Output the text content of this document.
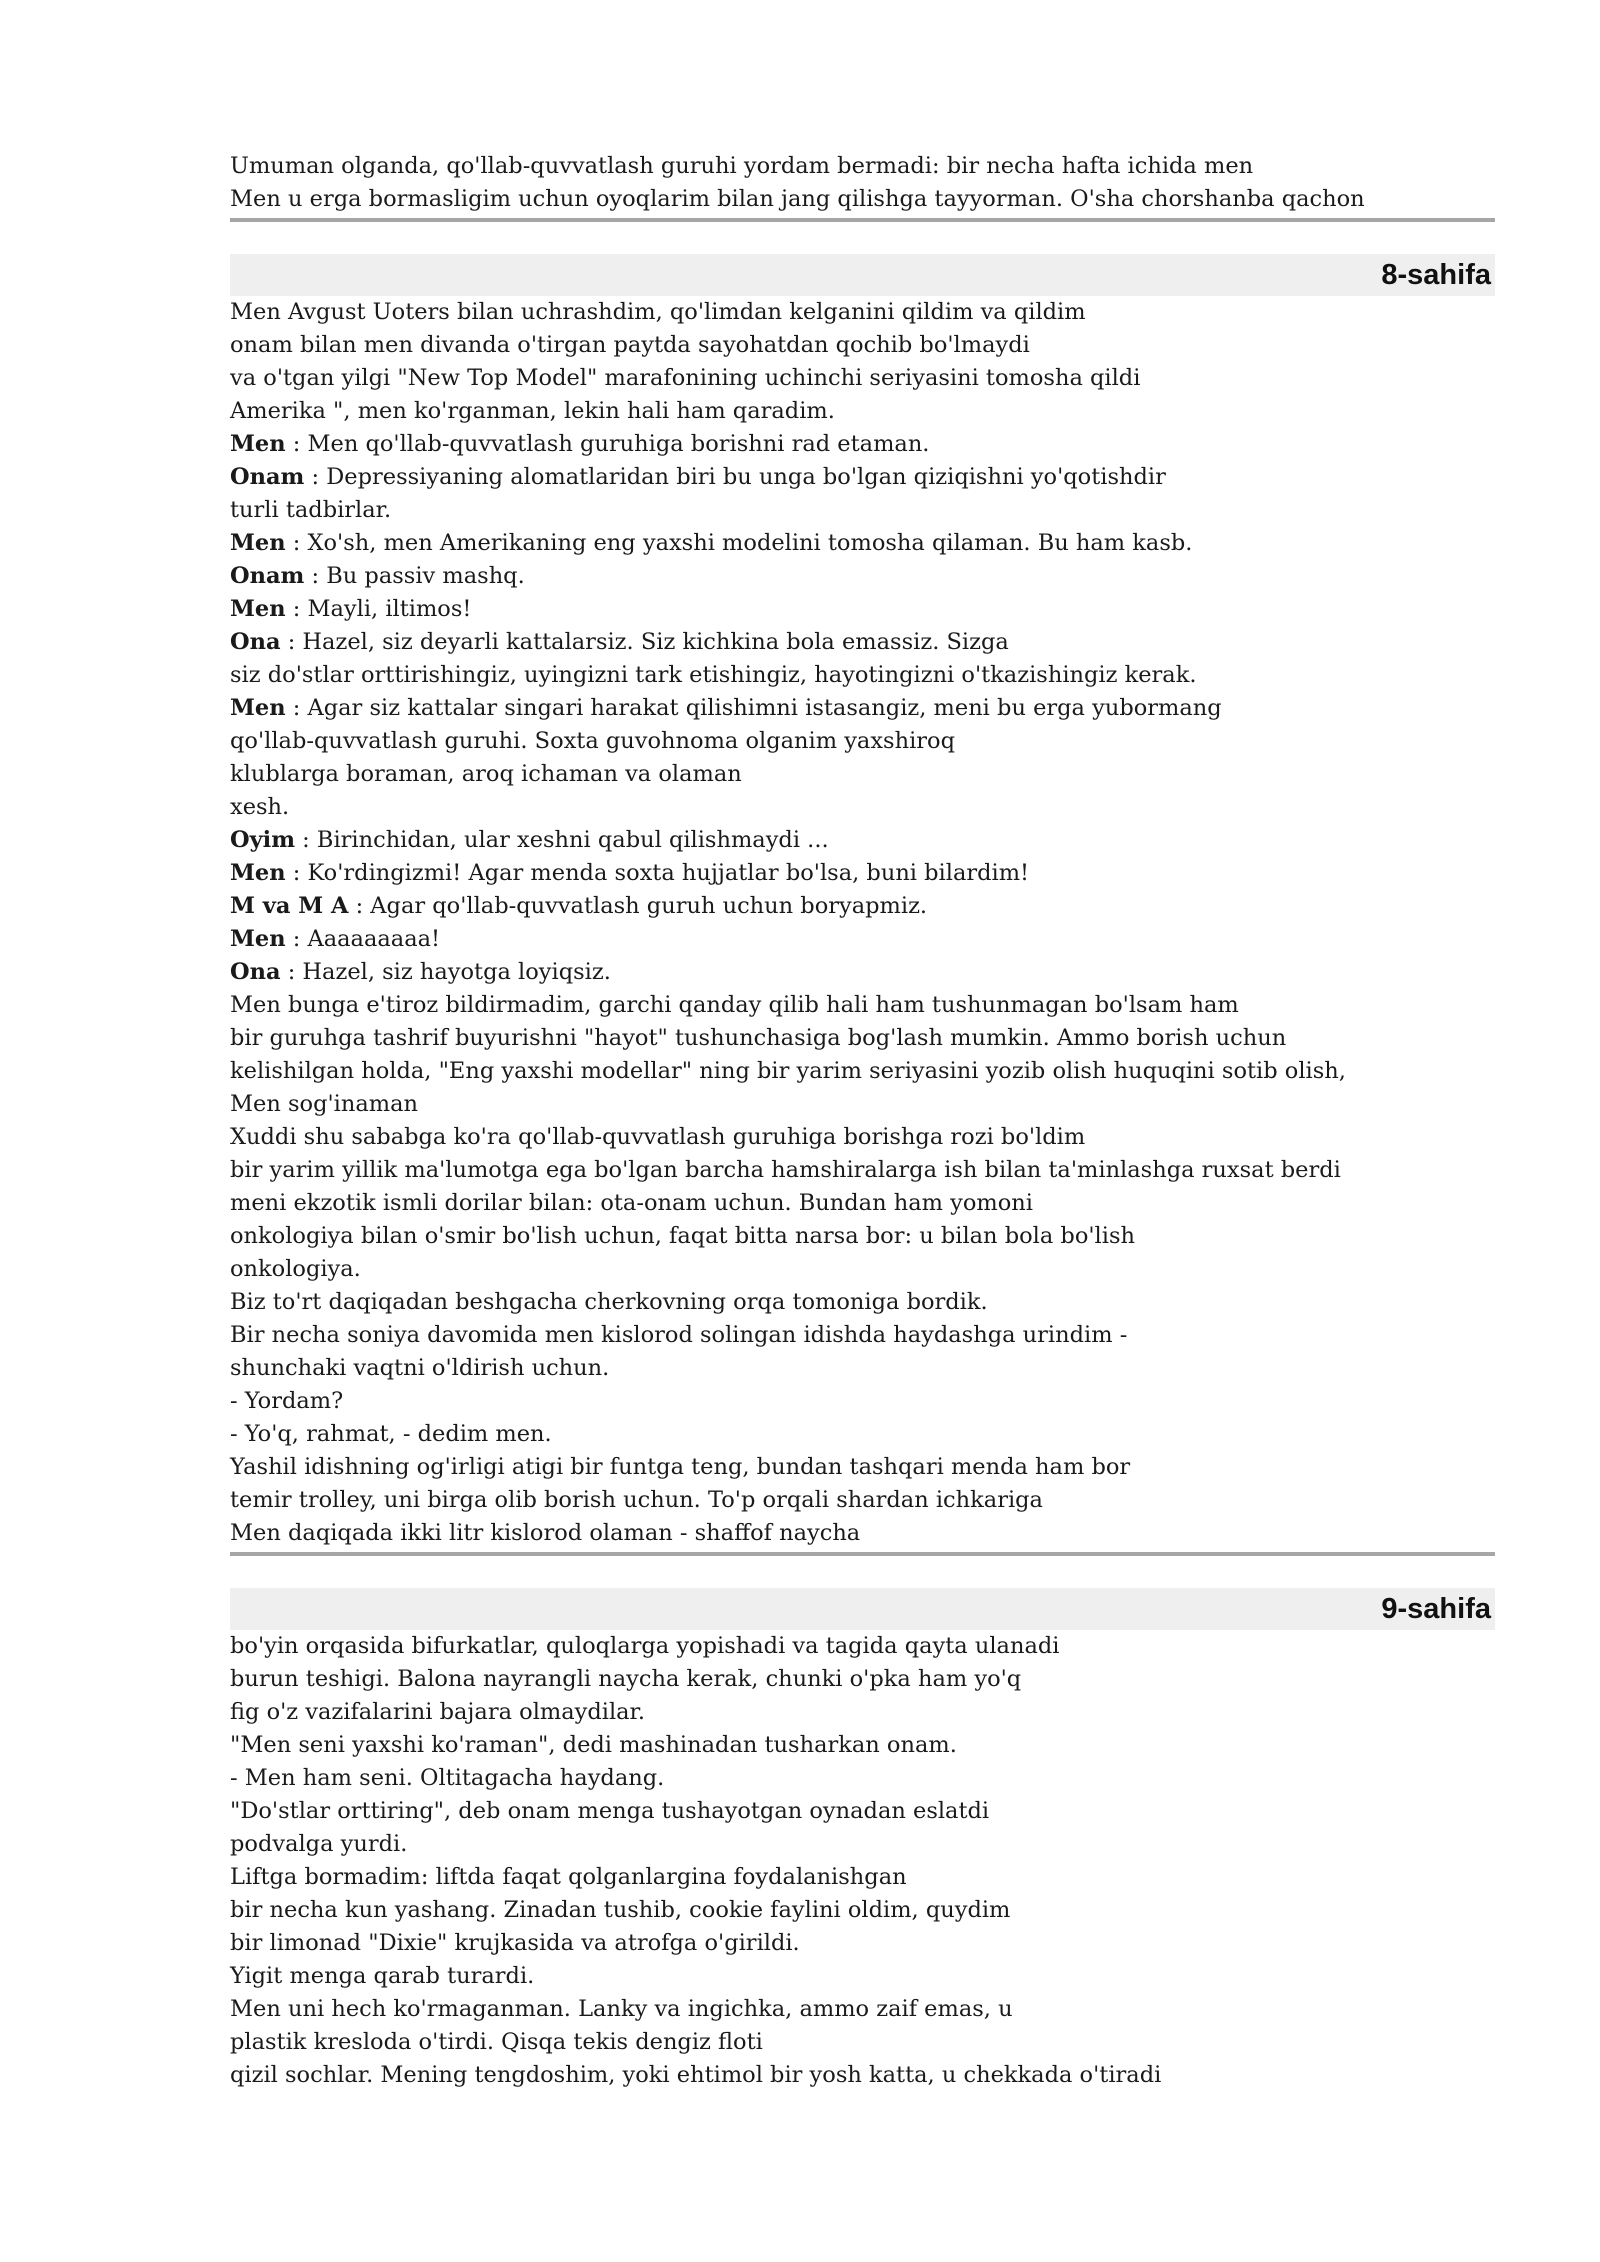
Umuman olganda, qo'llab-quvvatlash guruhi yordam bermadi: bir necha hafta ichida men
Men u erga bormasligim uchun oyoqlarim bilan jang qilishga tayyorman. O'sha chorshanba qachon
8-sahifa
Men Avgust Uoters bilan uchrashdim, qo'limdan kelganini qildim va qildim
onam bilan men divanda o'tirgan paytda sayohatdan qochib bo'lmaydi
va o'tgan yilgi "New Top Model" marafonining uchinchi seriyasini tomosha qildi
Amerika ", men ko'rganman, lekin hali ham qaradim.
Men : Men qo'llab-quvvatlash guruhiga borishni rad etaman.
Onam : Depressiyaning alomatlaridan biri bu unga bo'lgan qiziqishni yo'qotishdir
turli tadbirlar.
Men : Xo'sh, men Amerikaning eng yaxshi modelini tomosha qilaman. Bu ham kasb.
Onam : Bu passiv mashq.
Men : Mayli, iltimos!
Ona : Hazel, siz deyarli kattalarsiz. Siz kichkina bola emassiz. Sizga
siz do'stlar orttirishingiz, uyingizni tark etishingiz, hayotingizni o'tkazishingiz kerak.
Men : Agar siz kattalar singari harakat qilishimni istasangiz, meni bu erga yubormang
qo'llab-quvvatlash guruhi. Soxta guvohnoma olganim yaxshiroq
klublarga boraman, aroq ichaman va olaman
xesh.
Oyim : Birinchidan, ular xeshni qabul qilishmaydi ...
Men : Ko'rdingizmi! Agar menda soxta hujjatlar bo'lsa, buni bilardim!
M va M A : Agar qo'llab-quvvatlash guruh uchun boryapmiz.
Men : Aaaaaaaaa!
Ona : Hazel, siz hayotga loyiqsiz.
Men bunga e'tiroz bildirmadim, garchi qanday qilib hali ham tushunmagan bo'lsam ham
bir guruhga tashrif buyurishni "hayot" tushunchasiga bog'lash mumkin. Ammo borish uchun
kelishilgan holda, "Eng yaxshi modellar" ning bir yarim seriyasini yozib olish huquqini sotib olish,
Men sog'inaman
Xuddi shu sababga ko'ra qo'llab-quvvatlash guruhiga borishga rozi bo'ldim
bir yarim yillik ma'lumotga ega bo'lgan barcha hamshiralarga ish bilan ta'minlashga ruxsat berdi
meni ekzotik ismli dorilar bilan: ota-onam uchun. Bundan ham yomoni
onkologiya bilan o'smir bo'lish uchun, faqat bitta narsa bor: u bilan bola bo'lish
onkologiya.
Biz to'rt daqiqadan beshgacha cherkovning orqa tomoniga bordik.
Bir necha soniya davomida men kislorod solingan idishda haydashga urindim -
shunchaki vaqtni o'ldirish uchun.
- Yordam?
- Yo'q, rahmat, - dedim men.
Yashil idishning og'irligi atigi bir funtga teng, bundan tashqari menda ham bor
temir trolley, uni birga olib borish uchun. To'p orqali shardan ichkariga
Men daqiqada ikki litr kislorod olaman - shaffof naycha
9-sahifa
bo'yin orqasida bifurkatlar, quloqlarga yopishadi va tagida qayta ulanadi
burun teshigi. Balona nayrangli naycha kerak, chunki o'pka ham yo'q
fig o'z vazifalarini bajara olmaydilar.
"Men seni yaxshi ko'raman", dedi mashinadan tusharkan onam.
- Men ham seni. Oltitagacha haydang.
"Do'stlar orttiring", deb onam menga tushayotgan oynadan eslatdi
podvalga yurdi.
Liftga bormadim: liftda faqat qolganlarginа foydalanishgan
bir necha kun yashang. Zinadan tushib, cookie faylini oldim, quydim
bir limonad "Dixie" krujkasida va atrofga o'girildi.
Yigit menga qarab turardi.
Men uni hech ko'rmaganman. Lanky va ingichka, ammo zaif emas, u
plastik kresloda o'tirdi. Qisqa tekis dengiz floti
qizil sochlar. Mening tengdoshim, yoki ehtimol bir yosh katta, u chekkada o'tiradi
